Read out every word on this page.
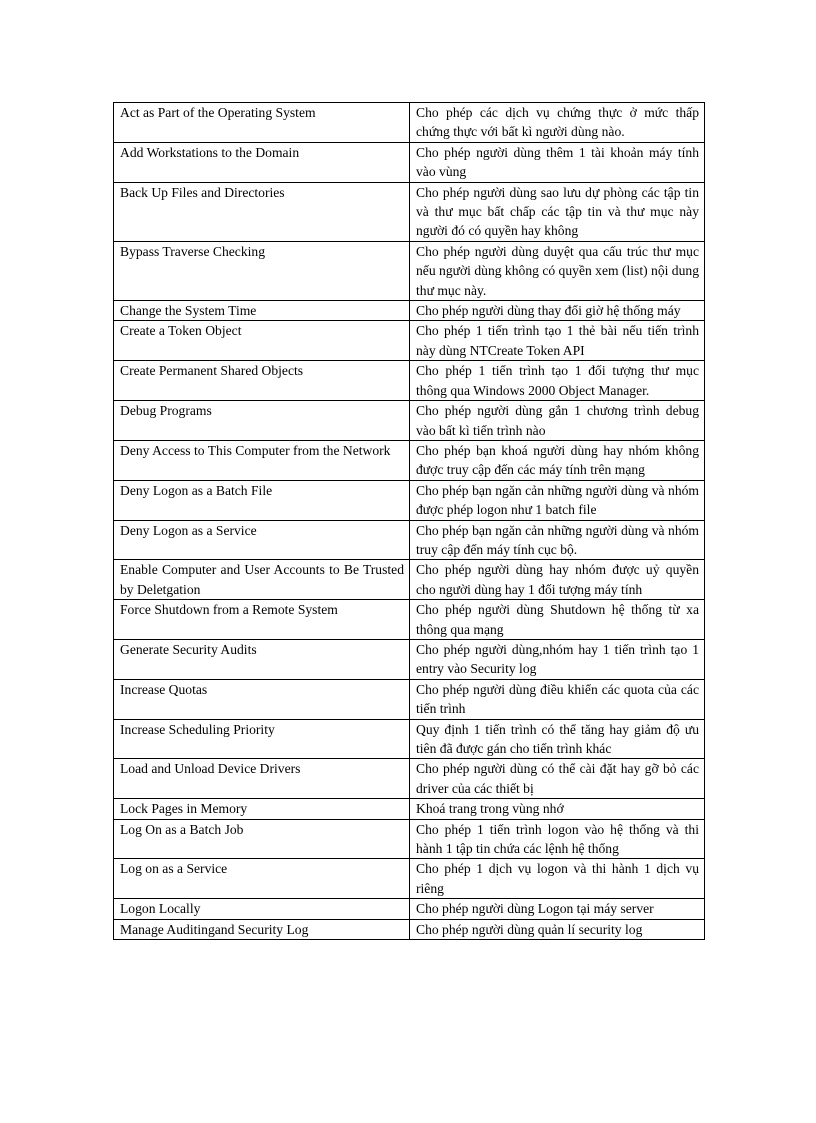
Act as Part of the Operating System	Cho phép các dịch vụ chứng thực ở mức thấp chứng thực với bất kì người dùng nào.
Add Workstations to the Domain	Cho phép người dùng thêm 1 tài khoản máy tính vào vùng
Back Up Files and Directories	Cho phép người dùng sao lưu dự phòng các tập tin và thư mục bất chấp các tập tin và thư mục này người đó có quyền hay không
Bypass Traverse Checking	Cho phép người dùng duyệt qua cấu trúc thư mục nếu người dùng không có quyền xem (list) nội dung thư mục này.
Change the System Time	Cho phép người dùng thay đổi giờ hệ thống máy
Create a Token Object	Cho phép 1 tiến trình tạo 1 thẻ bài nếu tiến trình này dùng NTCreate Token API
Create Permanent Shared Objects	Cho phép 1 tiến trình tạo 1 đối tượng thư mục thông qua Windows 2000 Object Manager.
Debug Programs	Cho phép người dùng gắn 1 chương trình debug vào bất kì tiến trình nào
Deny Access to This Computer from the Network	Cho phép bạn khoá người dùng hay nhóm không được truy cập đến các máy tính trên mạng
Deny Logon as a Batch File	Cho phép bạn ngăn cản những người dùng và nhóm được phép logon như 1 batch file
Deny Logon as a Service	Cho phép bạn ngăn cản những người dùng và nhóm truy cập đến máy tính cục bộ.
Enable Computer and User Accounts to Be Trusted by Deletgation	Cho phép người dùng hay nhóm được uỷ quyền cho người dùng hay 1 đối tượng máy tính
Force Shutdown from a Remote System	Cho phép người dùng Shutdown hệ thống từ xa thông qua mạng
Generate Security Audits	Cho phép người dùng,nhóm hay 1 tiến trình tạo 1 entry vào Security log
Increase Quotas	Cho phép người dùng điều khiển các quota của các tiến trình
Increase Scheduling Priority	Quy định 1 tiến trình có thể tăng hay giảm độ ưu tiên đã được gán cho tiến trình khác
Load and Unload Device Drivers	Cho phép người dùng có thể cài đặt hay gỡ bỏ các driver của các thiết bị
Lock Pages in Memory	Khoá trang trong vùng nhớ
Log On as a Batch Job	Cho phép 1 tiến trình logon vào hệ thống và thi hành 1 tập tin chứa các lệnh hệ thống
Log on as a Service	Cho phép 1 dịch vụ logon và thi hành 1 dịch vụ riêng
Logon Locally	Cho phép người dùng Logon tại máy server
Manage Auditingand Security Log	Cho phép người dùng quản lí security log
